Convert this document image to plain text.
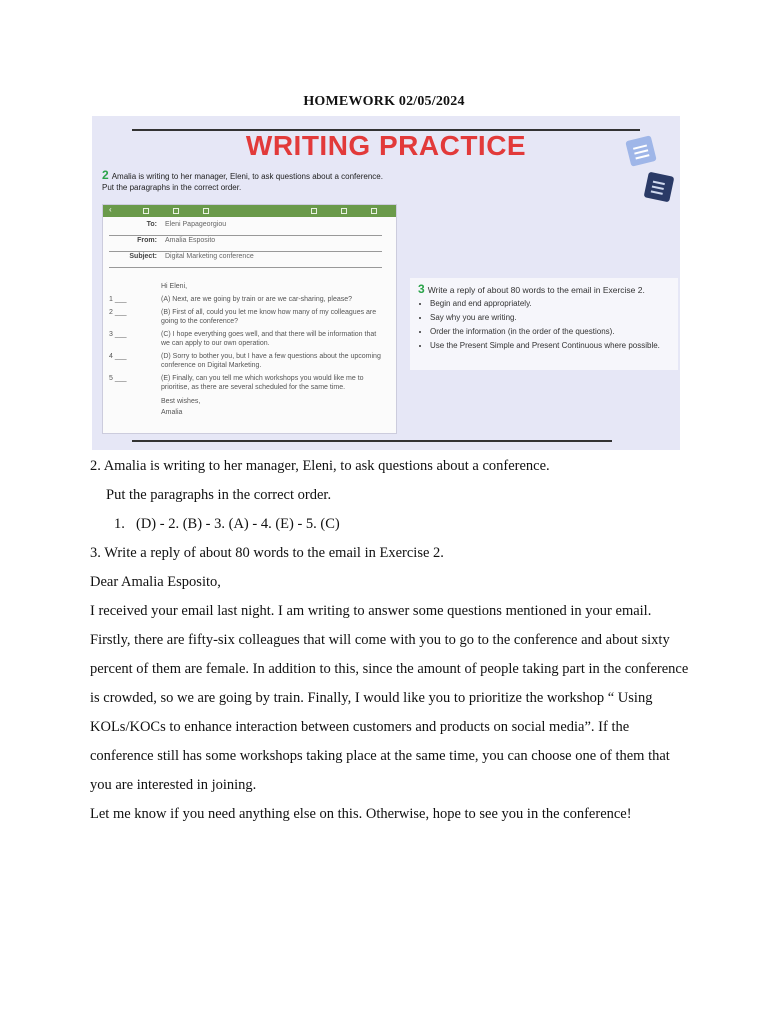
HOMEWORK 02/05/2024
WRITING PRACTICE
2 Amalia is writing to her manager, Eleni, to ask questions about a conference.
Put the paragraphs in the correct order.
‹
To: Eleni Papageorgiou
From: Amalia Esposito
Subject: Digital Marketing conference
Hi Eleni,
1 ___	(A) Next, are we going by train or are we car-sharing, please?
2 ___	(B) First of all, could you let me know how many of my colleagues are going to the conference?
3 ___	(C) I hope everything goes well, and that there will be information that we can apply to our own operation.
4 ___	(D) Sorry to bother you, but I have a few questions about the upcoming conference on Digital Marketing.
5 ___	(E) Finally, can you tell me which workshops you would like me to prioritise, as there are several scheduled for the same time.
Best wishes,
Amalia
3 Write a reply of about 80 words to the email in Exercise 2.
• Begin and end appropriately.
• Say why you are writing.
• Order the information (in the order of the questions).
• Use the Present Simple and Present Continuous where possible.

2. Amalia is writing to her manager, Eleni, to ask questions about a conference.

Put the paragraphs in the correct order.

1. (D) - 2. (B) - 3. (A) - 4. (E) - 5. (C)

3. Write a reply of about 80 words to the email in Exercise 2.

Dear Amalia Esposito,

I received your email last night. I am writing to answer some questions mentioned in your email.

Firstly, there are fifty-six colleagues that will come with you to go to the conference and about sixty percent of them are female. In addition to this, since the amount of people taking part in the conference is crowded, so we are going by train. Finally, I would like you to prioritize the workshop “ Using KOLs/KOCs to enhance interaction between customers and products on social media”. If the conference still has some workshops taking place at the same time, you can choose one of them that you are interested in joining.

Let me know if you need anything else on this. Otherwise, hope to see you in the conference!
